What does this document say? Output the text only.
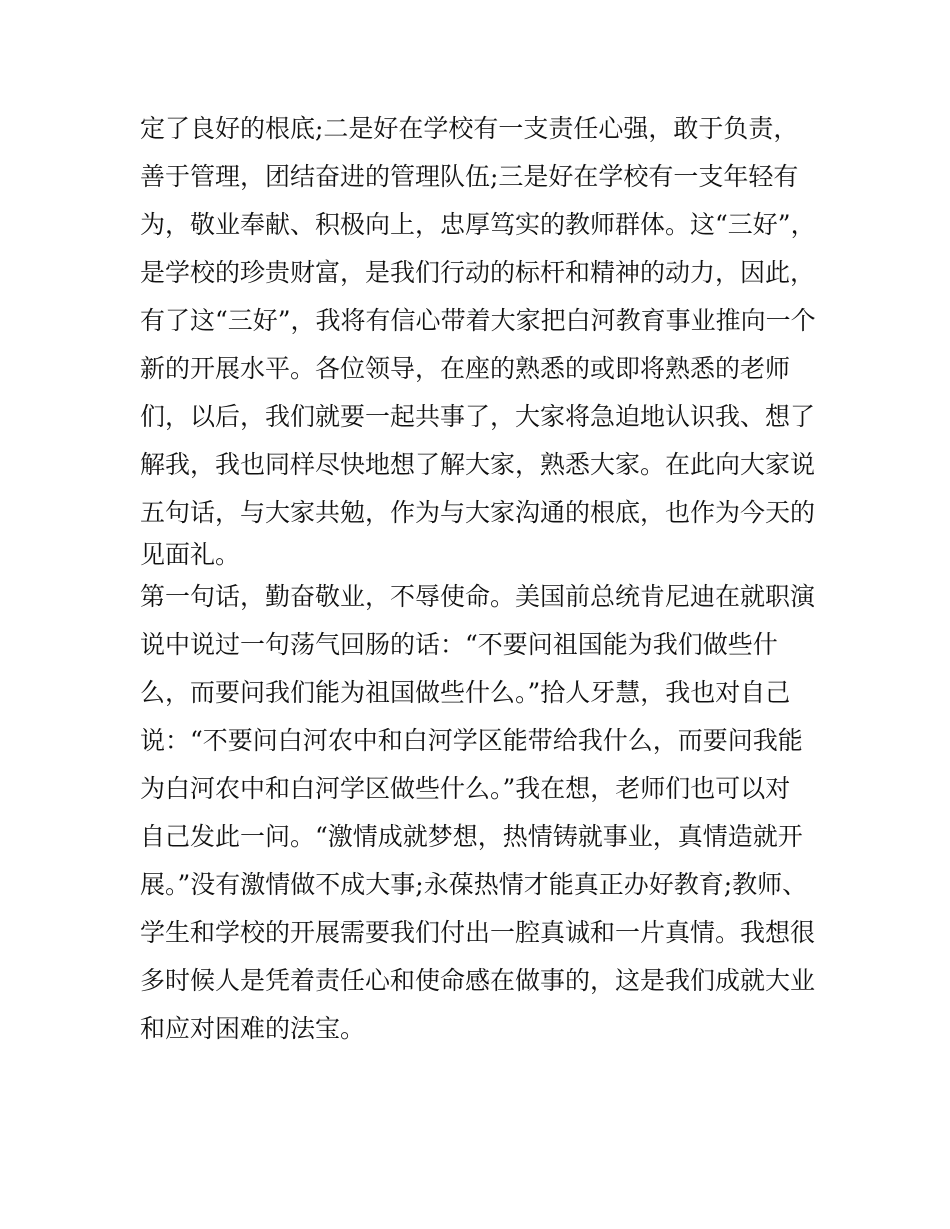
定了良好的根底;二是好在学校有一支责任心强，敢于负责，
善于管理，团结奋进的管理队伍;三是好在学校有一支年轻有
为，敬业奉献、积极向上，忠厚笃实的教师群体。这“三好”，
是学校的珍贵财富，是我们行动的标杆和精神的动力，因此，
有了这“三好”，我将有信心带着大家把白河教育事业推向一个
新的开展水平。各位领导，在座的熟悉的或即将熟悉的老师
们，以后，我们就要一起共事了，大家将急迫地认识我、想了
解我，我也同样尽快地想了解大家，熟悉大家。在此向大家说
五句话，与大家共勉，作为与大家沟通的根底，也作为今天的
见面礼。
第一句话，勤奋敬业，不辱使命。美国前总统肯尼迪在就职演
说中说过一句荡气回肠的话：“不要问祖国能为我们做些什
么，而要问我们能为祖国做些什么。”拾人牙慧，我也对自己
说：“不要问白河农中和白河学区能带给我什么，而要问我能
为白河农中和白河学区做些什么。”我在想，老师们也可以对
自己发此一问。“激情成就梦想，热情铸就事业，真情造就开
展。”没有激情做不成大事;永葆热情才能真正办好教育;教师、
学生和学校的开展需要我们付出一腔真诚和一片真情。我想很
多时候人是凭着责任心和使命感在做事的，这是我们成就大业
和应对困难的法宝。
